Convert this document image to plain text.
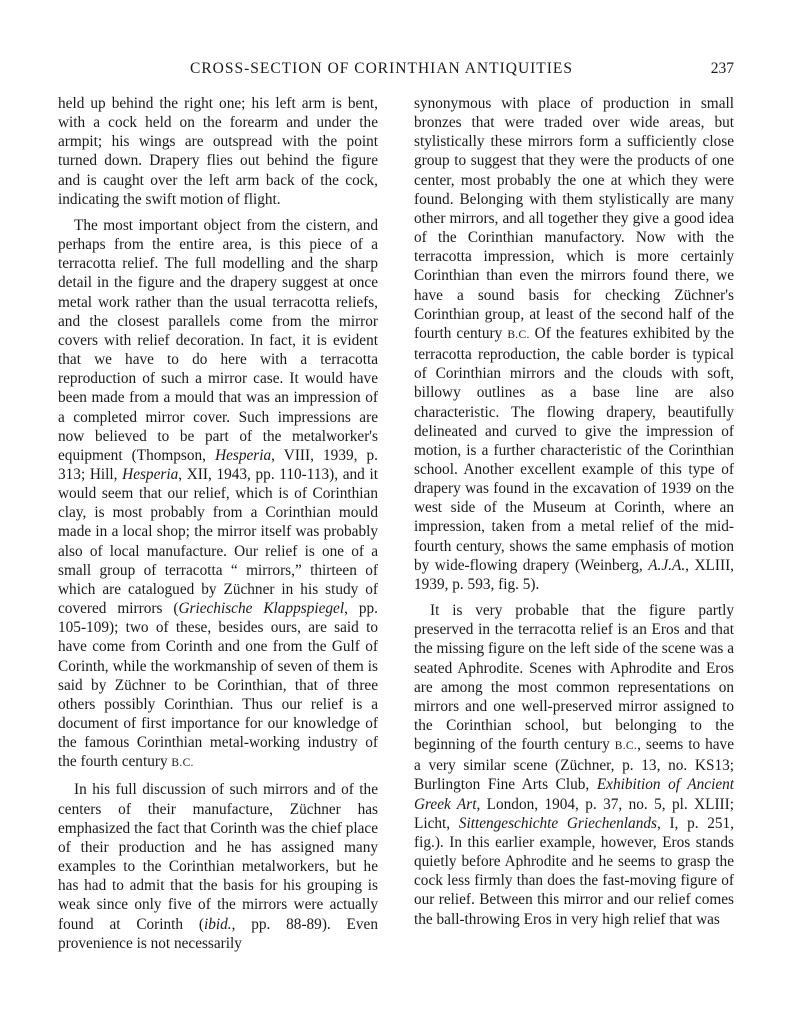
CROSS-SECTION OF CORINTHIAN ANTIQUITIES	237

held up behind the right one; his left arm is bent, with a cock held on the forearm and under the armpit; his wings are outspread with the point turned down. Drapery flies out behind the figure and is caught over the left arm back of the cock, indicating the swift motion of flight.

The most important object from the cistern, and perhaps from the entire area, is this piece of a terracotta relief. The full modelling and the sharp detail in the figure and the drapery suggest at once metal work rather than the usual terracotta reliefs, and the closest parallels come from the mirror covers with relief decoration. In fact, it is evident that we have to do here with a terracotta reproduction of such a mirror case. It would have been made from a mould that was an impression of a completed mirror cover. Such impressions are now believed to be part of the metalworker's equipment (Thompson, Hesperia, VIII, 1939, p. 313; Hill, Hesperia, XII, 1943, pp. 110-113), and it would seem that our relief, which is of Corinthian clay, is most probably from a Corinthian mould made in a local shop; the mirror itself was probably also of local manufacture. Our relief is one of a small group of terracotta “ mirrors,” thirteen of which are catalogued by Züchner in his study of covered mirrors (Griechische Klappspiegel, pp. 105-109); two of these, besides ours, are said to have come from Corinth and one from the Gulf of Corinth, while the workmanship of seven of them is said by Züchner to be Corinthian, that of three others possibly Corinthian. Thus our relief is a document of first importance for our knowledge of the famous Corinthian metal-working industry of the fourth century B.C.

In his full discussion of such mirrors and of the centers of their manufacture, Züchner has emphasized the fact that Corinth was the chief place of their production and he has assigned many examples to the Corinthian metalworkers, but he has had to admit that the basis for his grouping is weak since only five of the mirrors were actually found at Corinth (ibid., pp. 88-89). Even provenience is not necessarily

synonymous with place of production in small bronzes that were traded over wide areas, but stylistically these mirrors form a sufficiently close group to suggest that they were the products of one center, most probably the one at which they were found. Belonging with them stylistically are many other mirrors, and all together they give a good idea of the Corinthian manufactory. Now with the terracotta impression, which is more certainly Corinthian than even the mirrors found there, we have a sound basis for checking Züchner's Corinthian group, at least of the second half of the fourth century B.C. Of the features exhibited by the terracotta reproduction, the cable border is typical of Corinthian mirrors and the clouds with soft, billowy outlines as a base line are also characteristic. The flowing drapery, beautifully delineated and curved to give the impression of motion, is a further characteristic of the Corinthian school. Another excellent example of this type of drapery was found in the excavation of 1939 on the west side of the Museum at Corinth, where an impression, taken from a metal relief of the mid-fourth century, shows the same emphasis of motion by wide-flowing drapery (Weinberg, A.J.A., XLIII, 1939, p. 593, fig. 5).

It is very probable that the figure partly preserved in the terracotta relief is an Eros and that the missing figure on the left side of the scene was a seated Aphrodite. Scenes with Aphrodite and Eros are among the most common representations on mirrors and one well-preserved mirror assigned to the Corinthian school, but belonging to the beginning of the fourth century B.C., seems to have a very similar scene (Züchner, p. 13, no. KS13; Burlington Fine Arts Club, Exhibition of Ancient Greek Art, London, 1904, p. 37, no. 5, pl. XLIII; Licht, Sittengeschichte Griechenlands, I, p. 251, fig.). In this earlier example, however, Eros stands quietly before Aphrodite and he seems to grasp the cock less firmly than does the fast-moving figure of our relief. Between this mirror and our relief comes the ball-throwing Eros in very high relief that was
